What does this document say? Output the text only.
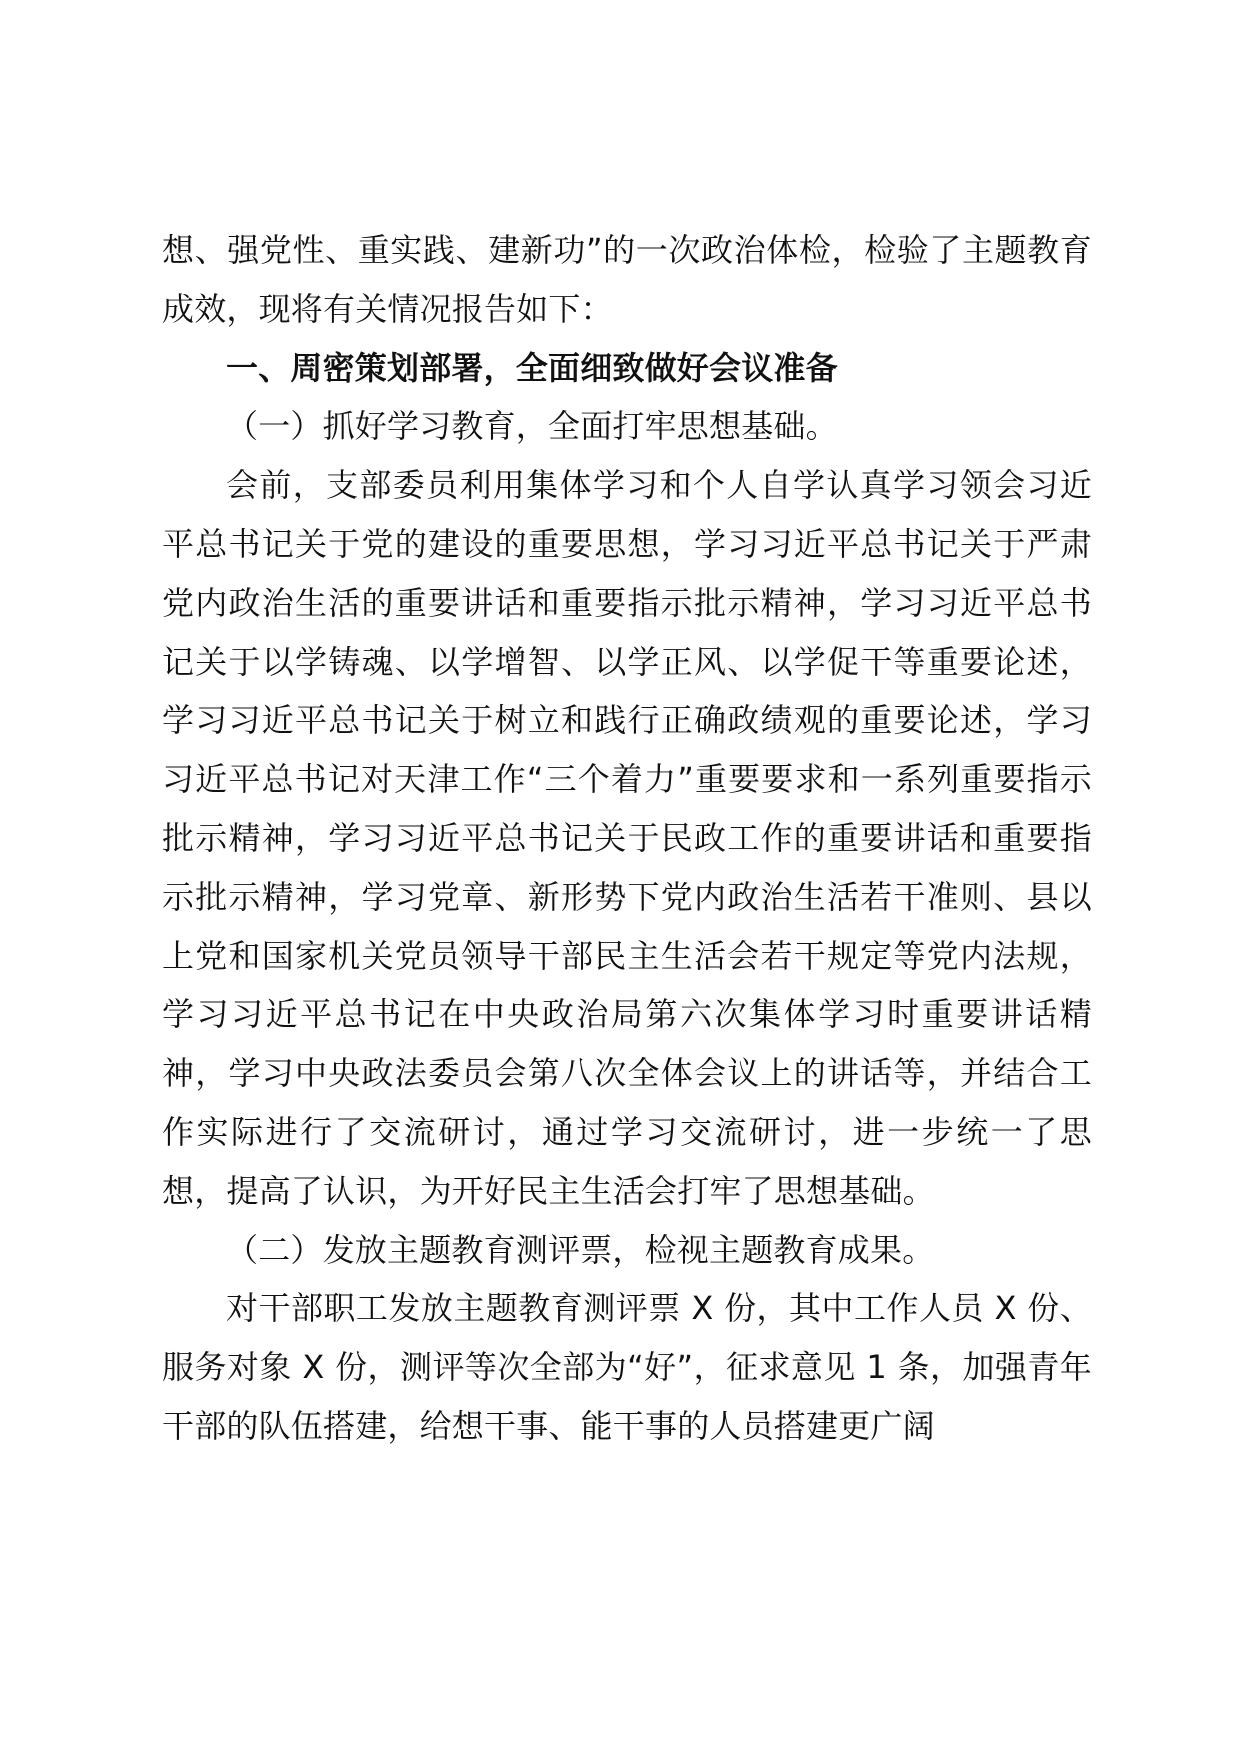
想、强党性、重实践、建新功”的一次政治体检，检验了主题教育成效，现将有关情况报告如下：

一、周密策划部署，全面细致做好会议准备

（一）抓好学习教育，全面打牢思想基础。

会前，支部委员利用集体学习和个人自学认真学习领会习近平总书记关于党的建设的重要思想，学习习近平总书记关于严肃党内政治生活的重要讲话和重要指示批示精神，学习习近平总书记关于以学铸魂、以学增智、以学正风、以学促干等重要论述，学习习近平总书记关于树立和践行正确政绩观的重要论述，学习习近平总书记对天津工作“三个着力”重要要求和一系列重要指示批示精神，学习习近平总书记关于民政工作的重要讲话和重要指示批示精神，学习党章、新形势下党内政治生活若干准则、县以上党和国家机关党员领导干部民主生活会若干规定等党内法规，学习习近平总书记在中央政治局第六次集体学习时重要讲话精神，学习中央政法委员会第八次全体会议上的讲话等，并结合工作实际进行了交流研讨，通过学习交流研讨，进一步统一了思想，提高了认识，为开好民主生活会打牢了思想基础。

（二）发放主题教育测评票，检视主题教育成果。

对干部职工发放主题教育测评票 X 份，其中工作人员 X 份、服务对象 X 份，测评等次全部为“好”，征求意见 1 条，加强青年干部的队伍搭建，给想干事、能干事的人员搭建更广阔
